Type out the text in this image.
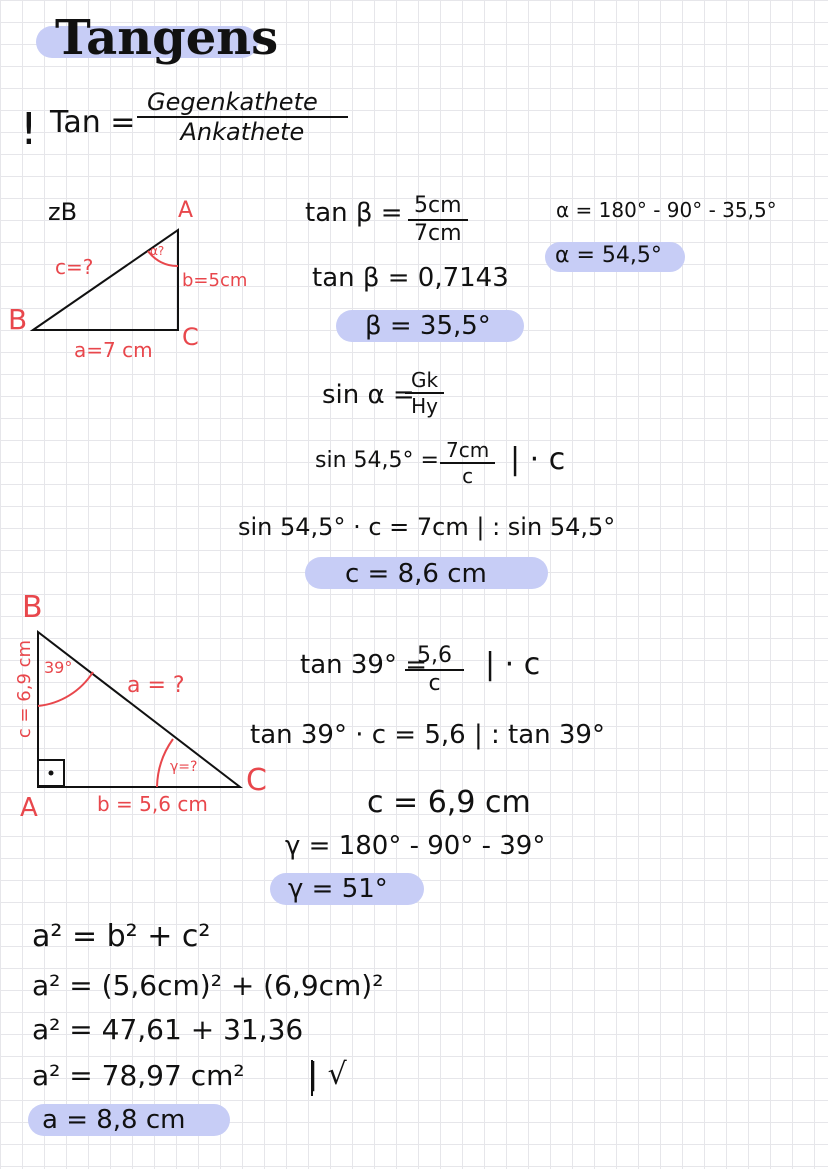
Tangens
! Tan =
Gegenkathete
Ankathete
zB	A
B
C
c=?
b=5cm
a=7 cm
α?
$\tan \beta = \frac{5cm}{7cm}$
tan β = 0,7143
β = 35,5°
α = 180° - 90° - 35,5°
α = 54,5°
sin α =
$\frac{Gk}{Hy}$
$\sin 54,5^\circ = \frac{7cm}{c}$ | · c
sin 54,5° · c = 7cm | : sin 54,5°
c = 8,6 cm
B
A
C
c = 6,9 cm	a = ?
b = 5,6 cm
39°
γ=?
tan 39° =
$\frac{5,6}{c}$ | · c
tan 39° · c = 5,6 | : tan 39°
c = 6,9 cm
γ = 180° - 90° - 39°
γ = 51°
a² = b² + c²
a² = (5,6cm)² + (6,9cm)²
a² = 47,61 + 31,36
a² = 78,97 cm² | √
a = 8,8 cm
